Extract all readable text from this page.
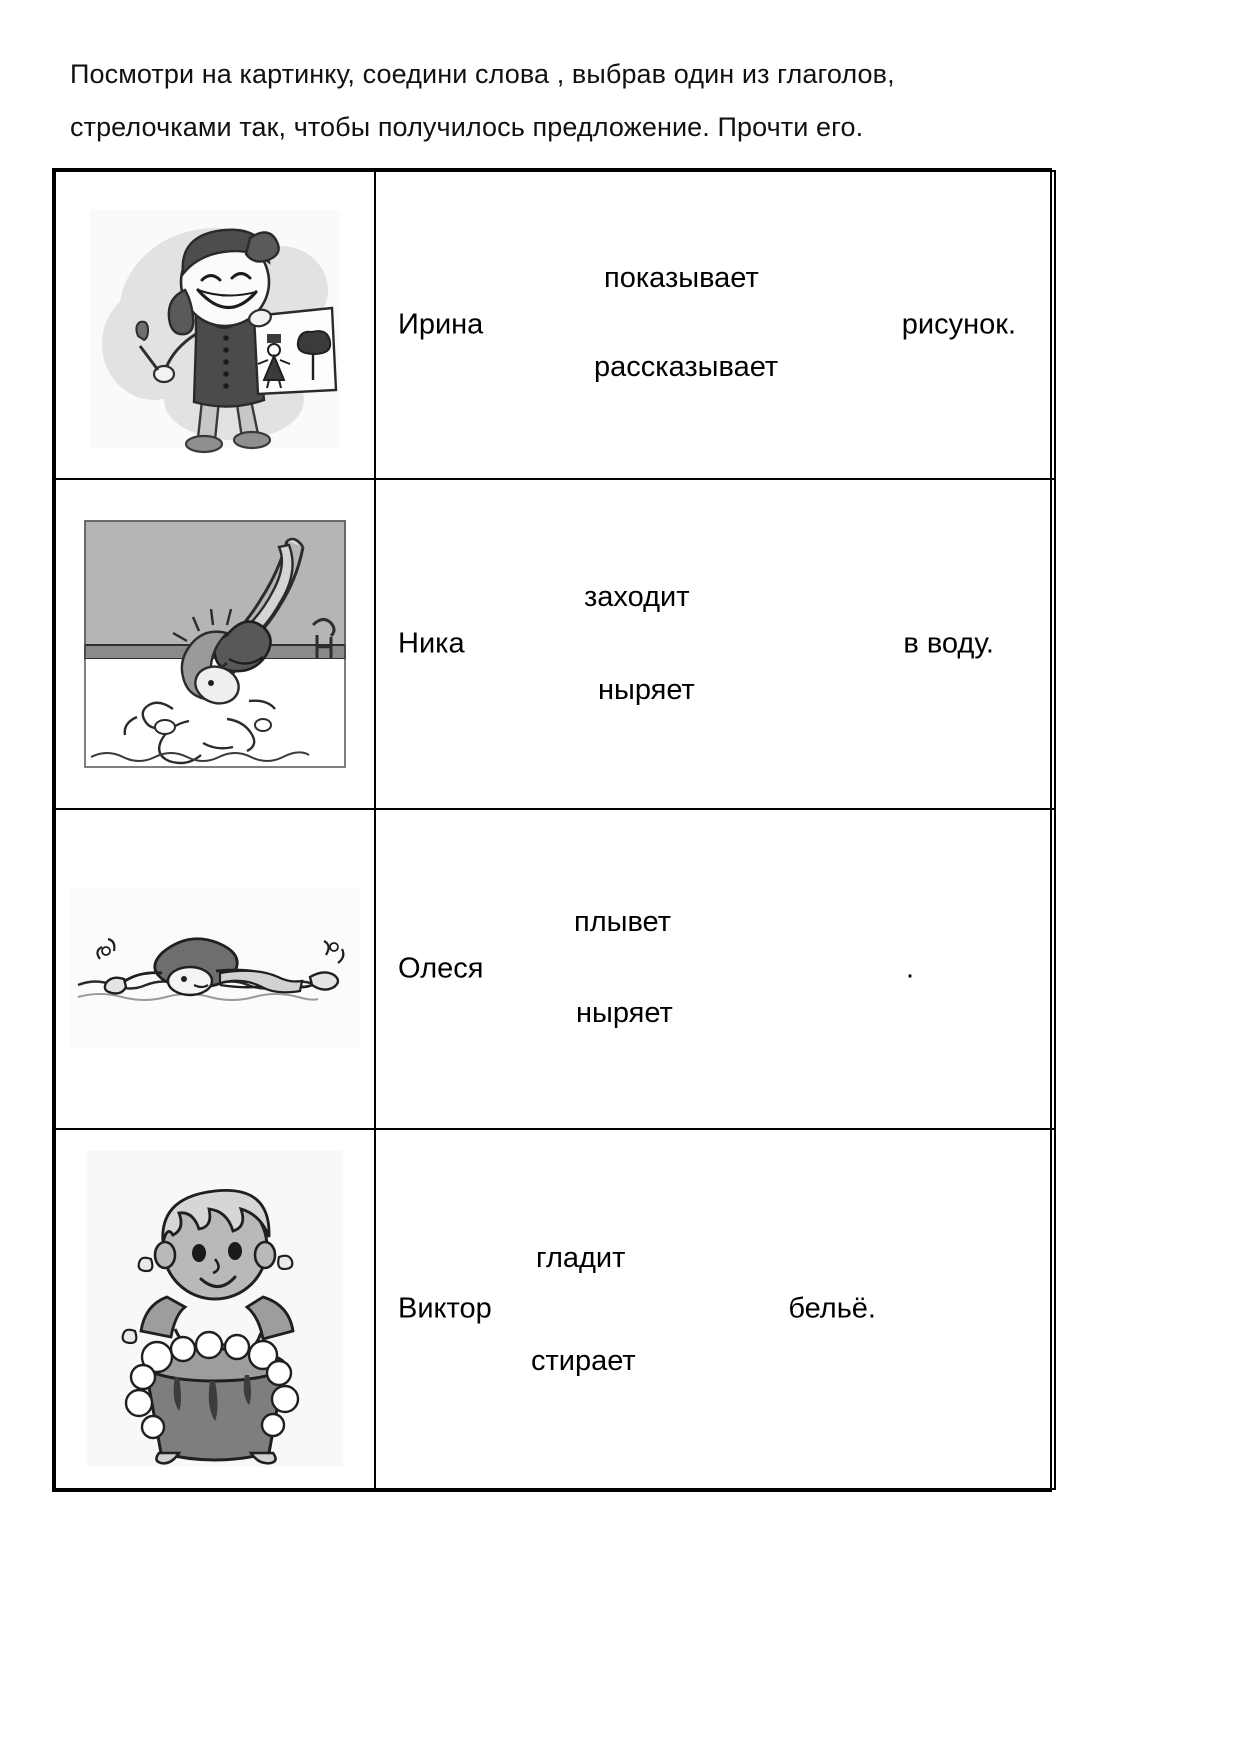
Посмотри на картинку, соедини слова , выбрав один из глаголов,
стрелочками так, чтобы получилось предложение. Прочти его.

рассказывает
Ирина рисунок.
показывает

ныряет
Ника в воду.
заходит

ныряет
Олеся .
плывет

стирает
Виктор бельё.
гладит
